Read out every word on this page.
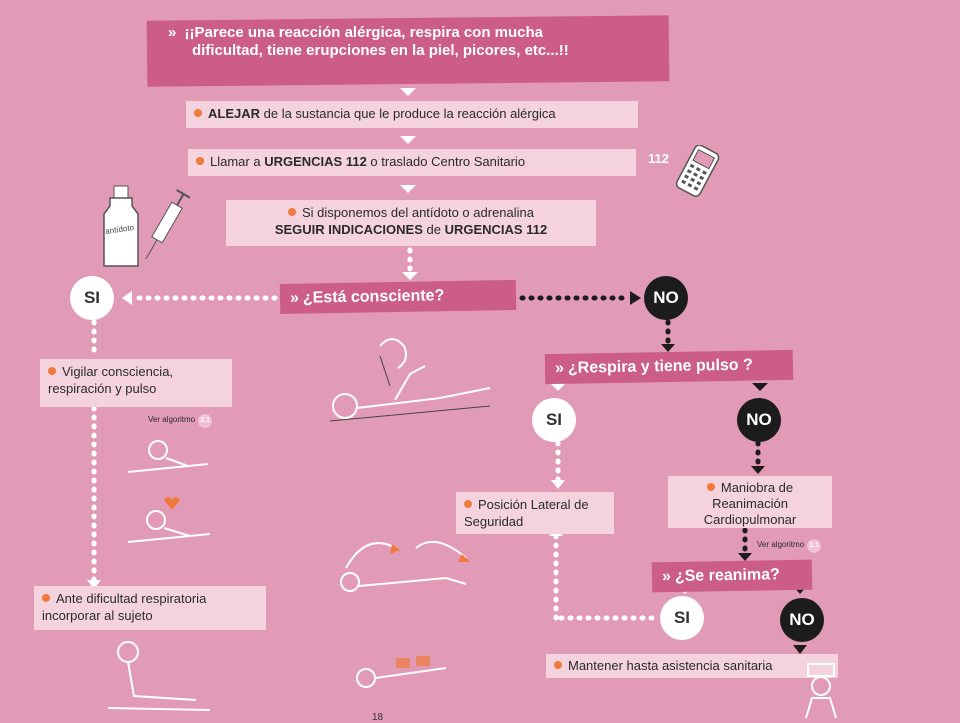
» ¡¡Parece una reacción alérgica, respira con mucha
dificultad, tiene erupciones en la piel, picores, etc...!!
ALEJAR de la sustancia que le produce la reacción alérgica
Llamar a URGENCIAS 112 o traslado Centro Sanitario	112
antídoto
Si disponemos del antídoto o adrenalina
SEGUIR INDICACIONES de URGENCIAS 112
» ¿Está consciente?
SI	NO
Vigilar consciencia, respiración y pulso
Ver algoritmo 2.1
Ante dificultad respiratoria incorporar al sujeto
» ¿Respira y tiene pulso ?
SI	NO
Posición Lateral de Seguridad
Maniobra de
Reanimación
Cardiopulmonar
Ver algoritmo 2.1
» ¿Se reanima?
SI	NO
Mantener hasta asistencia sanitaria
18
